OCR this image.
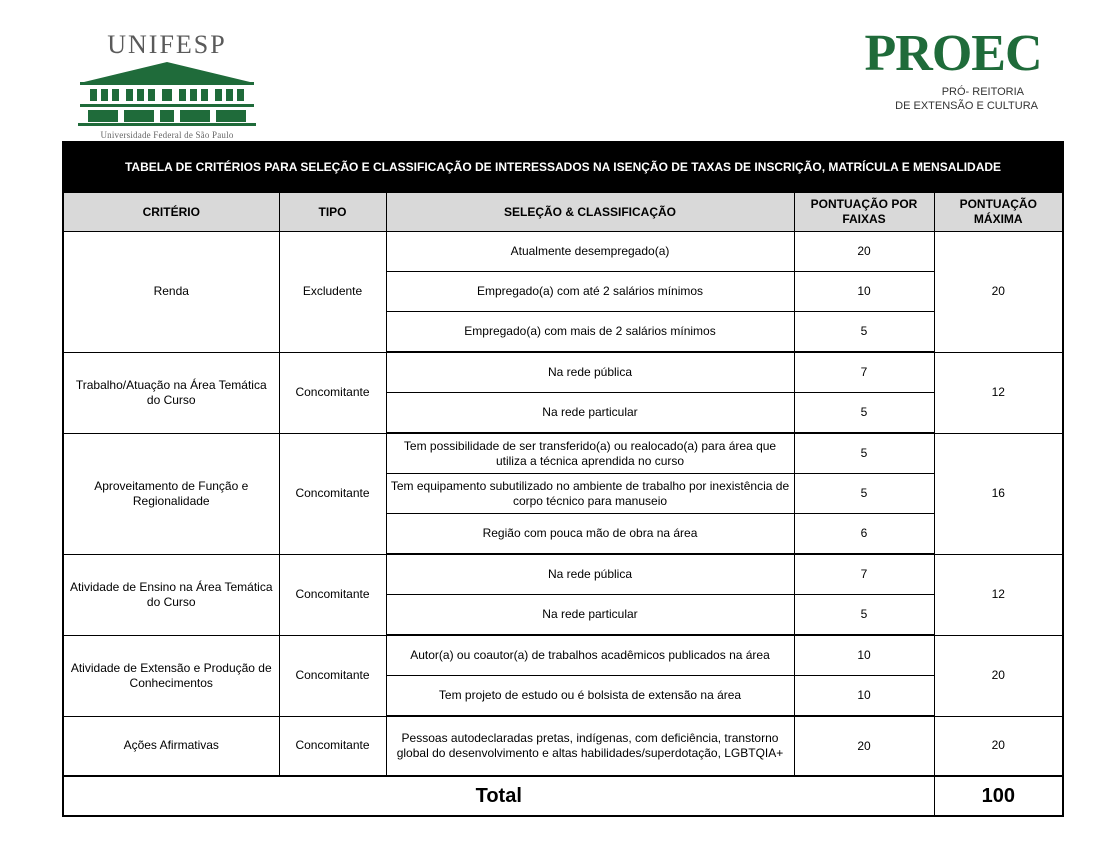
UNIFESP
Universidade Federal de São Paulo
PROEC
PRÓ- REITORIA
DE EXTENSÃO E CULTURA
TABELA DE CRITÉRIOS PARA SELEÇÃO E CLASSIFICAÇÃO DE INTERESSADOS NA ISENÇÃO DE TAXAS DE INSCRIÇÃO, MATRÍCULA E MENSALIDADE				
CRITÉRIO	TIPO	SELEÇÃO & CLASSIFICAÇÃO	PONTUAÇÃO POR FAIXAS	PONTUAÇÃO MÁXIMA
Renda	Excludente	Atualmente desempregado(a)	20	20
		Empregado(a) com até 2 salários mínimos	10	
		Empregado(a) com mais de 2 salários mínimos	5	
Trabalho/Atuação na Área Temática do Curso	Concomitante	Na rede pública	7	12
		Na rede particular	5	
Aproveitamento de Função e Regionalidade	Concomitante	Tem possibilidade de ser transferido(a) ou realocado(a) para área que utiliza a técnica aprendida no curso	5	16
		Tem equipamento subutilizado no ambiente de trabalho por inexistência de corpo técnico para manuseio	5	
		Região com pouca mão de obra na área	6	
Atividade de Ensino na Área Temática do Curso	Concomitante	Na rede pública	7	12
		Na rede particular	5	
Atividade de Extensão e Produção de Conhecimentos	Concomitante	Autor(a) ou coautor(a) de trabalhos acadêmicos publicados na área	10	20
		Tem projeto de estudo ou é bolsista de extensão na área	10	
Ações Afirmativas	Concomitante	Pessoas autodeclaradas pretas, indígenas, com deficiência, transtorno global do desenvolvimento e altas habilidades/superdotação, LGBTQIA+	20	20
Total				100
